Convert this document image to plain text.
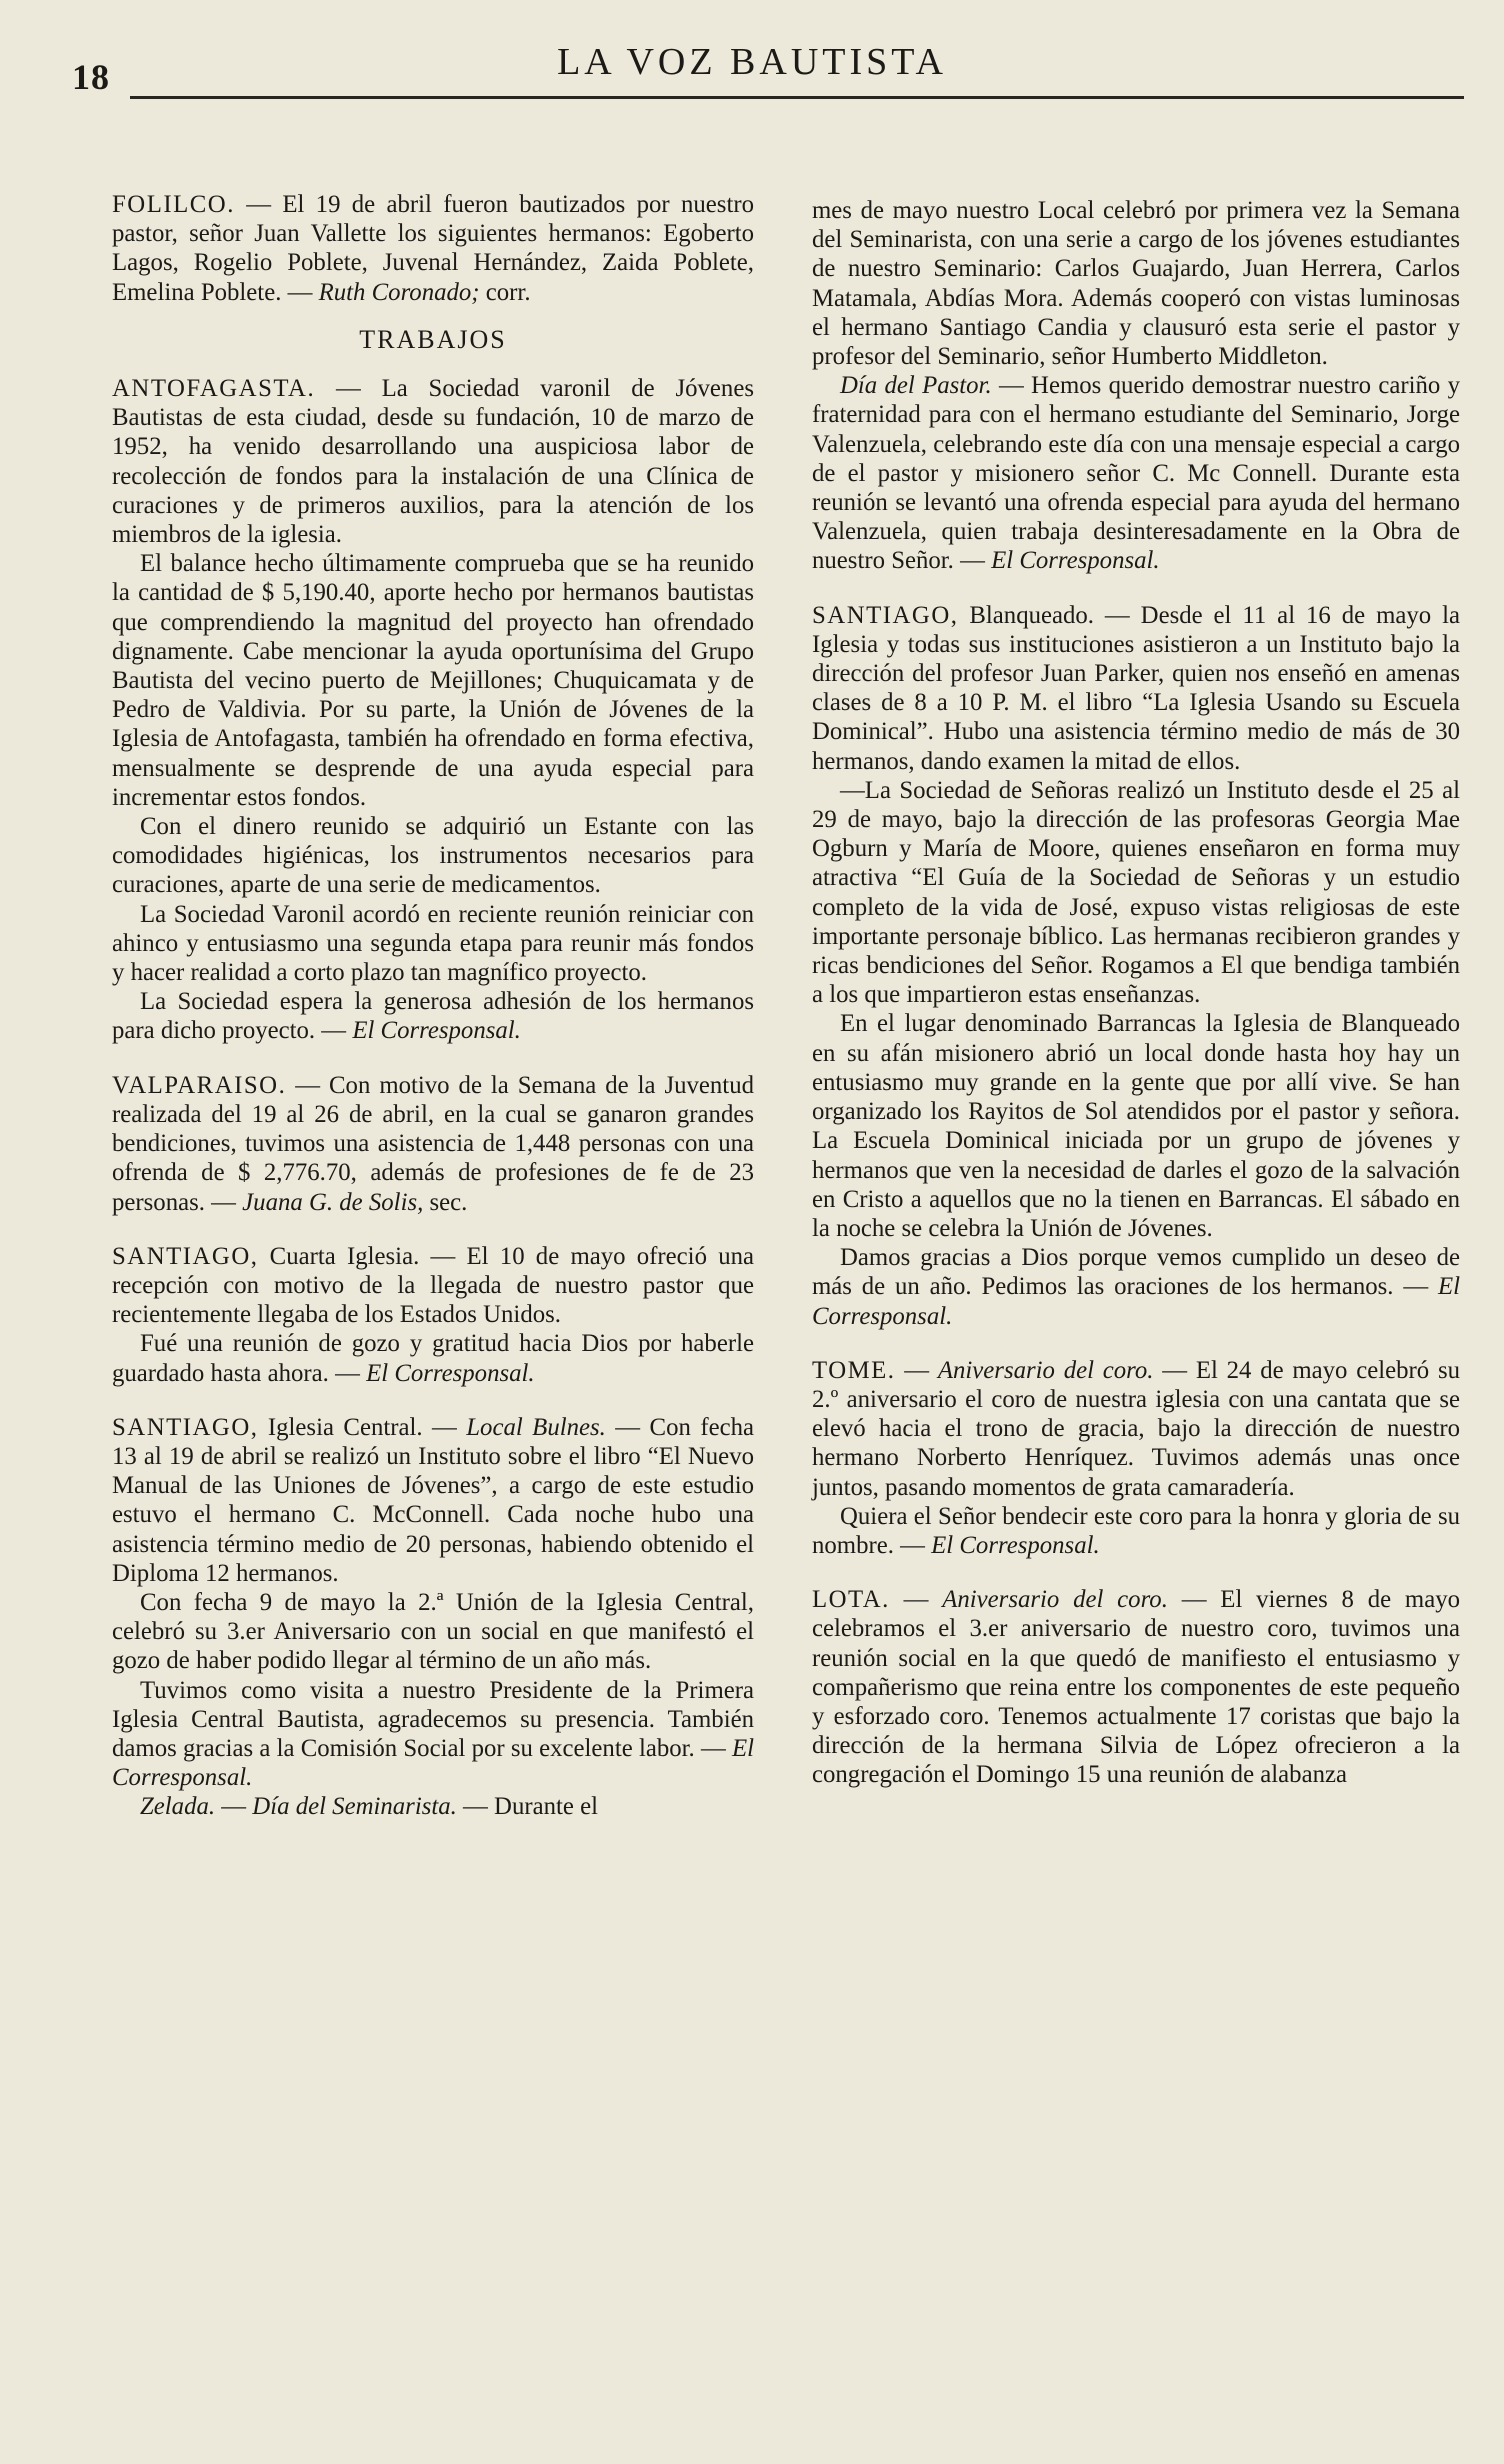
18	LA VOZ BAUTISTA

FOLILCO. — El 19 de abril fueron bautizados por nuestro pastor, señor Juan Vallette los siguientes hermanos: Egoberto Lagos, Rogelio Poblete, Juvenal Hernández, Zaida Poblete, Emelina Poblete. — Ruth Coronado; corr.

TRABAJOS

ANTOFAGASTA. — La Sociedad varonil de Jóvenes Bautistas de esta ciudad, desde su fundación, 10 de marzo de 1952, ha venido desarrollando una auspiciosa labor de recolección de fondos para la instalación de una Clínica de curaciones y de primeros auxilios, para la atención de los miembros de la iglesia.

El balance hecho últimamente comprueba que se ha reunido la cantidad de $ 5,190.40, aporte hecho por hermanos bautistas que comprendiendo la magnitud del proyecto han ofrendado dignamente. Cabe mencionar la ayuda oportunísima del Grupo Bautista del vecino puerto de Mejillones; Chuquicamata y de Pedro de Valdivia. Por su parte, la Unión de Jóvenes de la Iglesia de Antofagasta, también ha ofrendado en forma efectiva, mensualmente se desprende de una ayuda especial para incrementar estos fondos.

Con el dinero reunido se adquirió un Estante con las comodidades higiénicas, los instrumentos necesarios para curaciones, aparte de una serie de medicamentos.

La Sociedad Varonil acordó en reciente reunión reiniciar con ahinco y entusiasmo una segunda etapa para reunir más fondos y hacer realidad a corto plazo tan magnífico proyecto.

La Sociedad espera la generosa adhesión de los hermanos para dicho proyecto. — El Corresponsal.

VALPARAISO. — Con motivo de la Semana de la Juventud realizada del 19 al 26 de abril, en la cual se ganaron grandes bendiciones, tuvimos una asistencia de 1,448 personas con una ofrenda de $ 2,776.70, además de profesiones de fe de 23 personas. — Juana G. de Solis, sec.

SANTIAGO, Cuarta Iglesia. — El 10 de mayo ofreció una recepción con motivo de la llegada de nuestro pastor que recientemente llegaba de los Estados Unidos.

Fué una reunión de gozo y gratitud hacia Dios por haberle guardado hasta ahora. — El Corresponsal.

SANTIAGO, Iglesia Central. — Local Bulnes. — Con fecha 13 al 19 de abril se realizó un Instituto sobre el libro “El Nuevo Manual de las Uniones de Jóvenes”, a cargo de este estudio estuvo el hermano C. McConnell. Cada noche hubo una asistencia término medio de 20 personas, habiendo obtenido el Diploma 12 hermanos.

Con fecha 9 de mayo la 2.ª Unión de la Iglesia Central, celebró su 3.er Aniversario con un social en que manifestó el gozo de haber podido llegar al término de un año más.

Tuvimos como visita a nuestro Presidente de la Primera Iglesia Central Bautista, agradecemos su presencia. También damos gracias a la Comisión Social por su excelente labor. — El Corresponsal.

Zelada. — Día del Seminarista. — Durante el

mes de mayo nuestro Local celebró por primera vez la Semana del Seminarista, con una serie a cargo de los jóvenes estudiantes de nuestro Seminario: Carlos Guajardo, Juan Herrera, Carlos Matamala, Abdías Mora. Además cooperó con vistas luminosas el hermano Santiago Candia y clausuró esta serie el pastor y profesor del Seminario, señor Humberto Middleton.

Día del Pastor. — Hemos querido demostrar nuestro cariño y fraternidad para con el hermano estudiante del Seminario, Jorge Valenzuela, celebrando este día con una mensaje especial a cargo de el pastor y misionero señor C. Mc Connell. Durante esta reunión se levantó una ofrenda especial para ayuda del hermano Valenzuela, quien trabaja desinteresadamente en la Obra de nuestro Señor. — El Corresponsal.

SANTIAGO, Blanqueado. — Desde el 11 al 16 de mayo la Iglesia y todas sus instituciones asistieron a un Instituto bajo la dirección del profesor Juan Parker, quien nos enseñó en amenas clases de 8 a 10 P. M. el libro “La Iglesia Usando su Escuela Dominical”. Hubo una asistencia término medio de más de 30 hermanos, dando examen la mitad de ellos.

—La Sociedad de Señoras realizó un Instituto desde el 25 al 29 de mayo, bajo la dirección de las profesoras Georgia Mae Ogburn y María de Moore, quienes enseñaron en forma muy atractiva “El Guía de la Sociedad de Señoras y un estudio completo de la vida de José, expuso vistas religiosas de este importante personaje bíblico. Las hermanas recibieron grandes y ricas bendiciones del Señor. Rogamos a El que bendiga también a los que impartieron estas enseñanzas.

En el lugar denominado Barrancas la Iglesia de Blanqueado en su afán misionero abrió un local donde hasta hoy hay un entusiasmo muy grande en la gente que por allí vive. Se han organizado los Rayitos de Sol atendidos por el pastor y señora. La Escuela Dominical iniciada por un grupo de jóvenes y hermanos que ven la necesidad de darles el gozo de la salvación en Cristo a aquellos que no la tienen en Barrancas. El sábado en la noche se celebra la Unión de Jóvenes.

Damos gracias a Dios porque vemos cumplido un deseo de más de un año. Pedimos las oraciones de los hermanos. — El Corresponsal.

TOME. — Aniversario del coro. — El 24 de mayo celebró su 2.º aniversario el coro de nuestra iglesia con una cantata que se elevó hacia el trono de gracia, bajo la dirección de nuestro hermano Norberto Henríquez. Tuvimos además unas once juntos, pasando momentos de grata camaradería.

Quiera el Señor bendecir este coro para la honra y gloria de su nombre. — El Corresponsal.

LOTA. — Aniversario del coro. — El viernes 8 de mayo celebramos el 3.er aniversario de nuestro coro, tuvimos una reunión social en la que quedó de manifiesto el entusiasmo y compañerismo que reina entre los componentes de este pequeño y esforzado coro. Tenemos actualmente 17 coristas que bajo la dirección de la hermana Silvia de López ofrecieron a la congregación el Domingo 15 una reunión de alabanza
